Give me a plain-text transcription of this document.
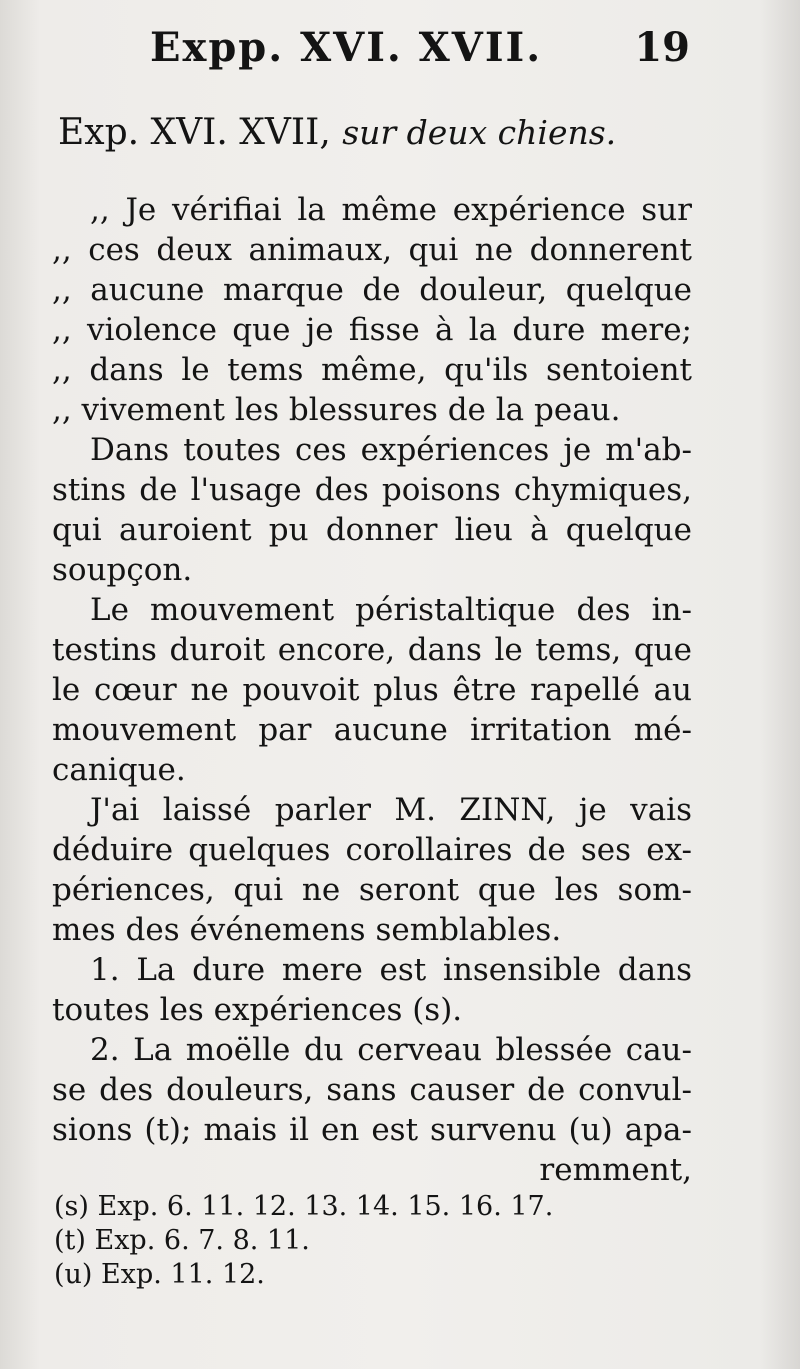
Expp. XVI. XVII. 19
Exp. XVI. XVII, sur deux chiens.
,, Je vérifiai la même expérience sur
,, ces deux animaux, qui ne donnerent
,, aucune marque de douleur, quelque
,, violence que je fisse à la dure mere;
,, dans le tems même, qu'ils sentoient
,, vivement les blessures de la peau.
Dans toutes ces expériences je m'ab-
stins de l'usage des poisons chymiques,
qui auroient pu donner lieu à quelque
soupçon.
Le mouvement péristaltique des in-
testins duroit encore, dans le tems, que
le cœur ne pouvoit plus être rapellé au
mouvement par aucune irritation mé-
canique.
J'ai laissé parler M. ZINN, je vais
déduire quelques corollaires de ses ex-
périences, qui ne seront que les som-
mes des événemens semblables.
1. La dure mere est insensible dans
toutes les expériences (s).
2. La moëlle du cerveau blessée cau-
se des douleurs, sans causer de convul-
sions (t); mais il en est survenu (u) apa-
remment,
(s) Exp. 6. 11. 12. 13. 14. 15. 16. 17.
(t) Exp. 6. 7. 8. 11.
(u) Exp. 11. 12.
